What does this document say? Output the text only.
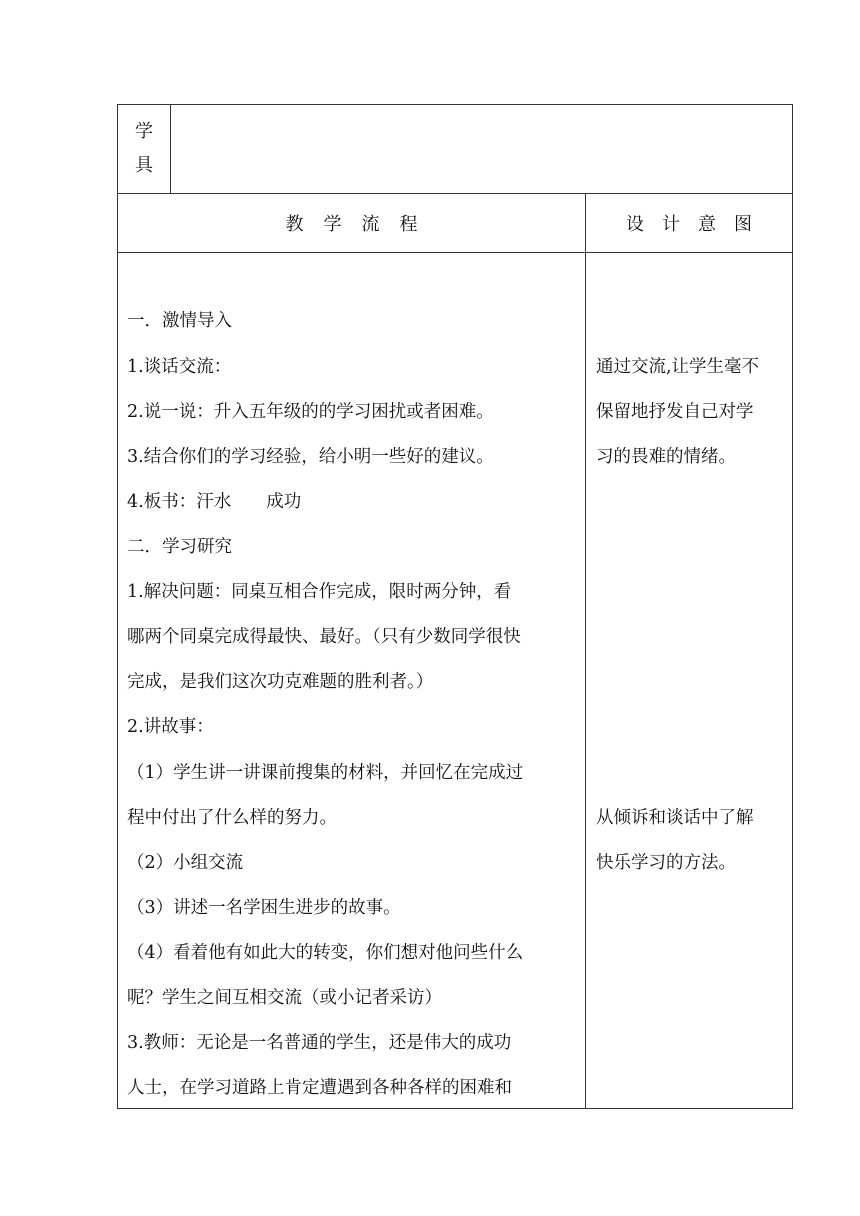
学
具
教学流程	设计意图
一．激情导入
1.谈话交流：
2.说一说：升入五年级的的学习困扰或者困难。
3.结合你们的学习经验，给小明一些好的建议。
4.板书：汗水　　成功
二．学习研究
1.解决问题：同桌互相合作完成，限时两分钟，看
哪两个同桌完成得最快、最好。（只有少数同学很快
完成，是我们这次功克难题的胜利者。）
2.讲故事：
（1）学生讲一讲课前搜集的材料，并回忆在完成过
程中付出了什么样的努力。
（2）小组交流
（3）讲述一名学困生进步的故事。
（4）看着他有如此大的转变，你们想对他问些什么
呢？学生之间互相交流（或小记者采访）
3.教师：无论是一名普通的学生，还是伟大的成功
人士，在学习道路上肯定遭遇到各种各样的困难和
通过交流,让学生毫不
保留地抒发自己对学
习的畏难的情绪。
从倾诉和谈话中了解
快乐学习的方法。
